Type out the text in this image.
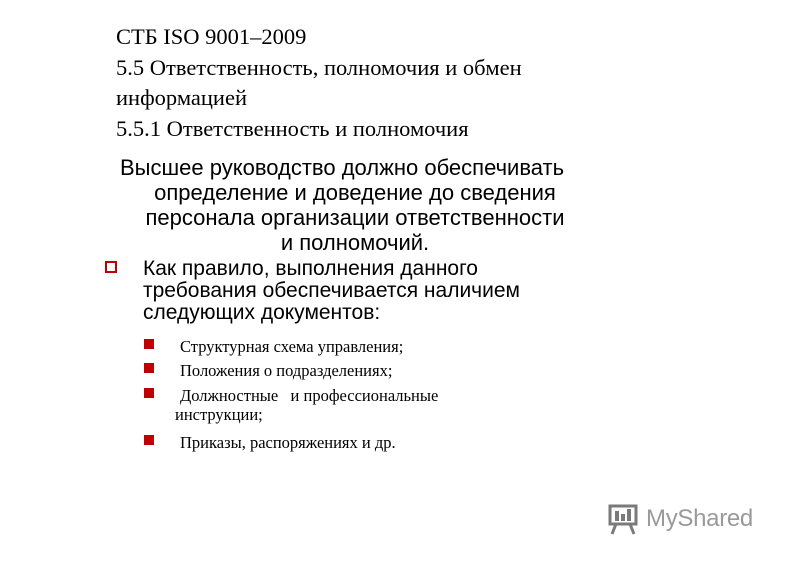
СТБ ISO 9001–2009
5.5 Ответственность, полномочия и обмен
информацией
5.5.1 Ответственность и полномочия
Высшее руководство должно обеспечивать
определение и доведение до сведения
персонала организации ответственности
и полномочий.
Как правило, выполнения данного
требования обеспечивается наличием
следующих документов:
Структурная схема управления;
Положения о подразделениях;
Должностные   и профессиональные
инструкции;
Приказы, распоряжениях и др.
MyShared
